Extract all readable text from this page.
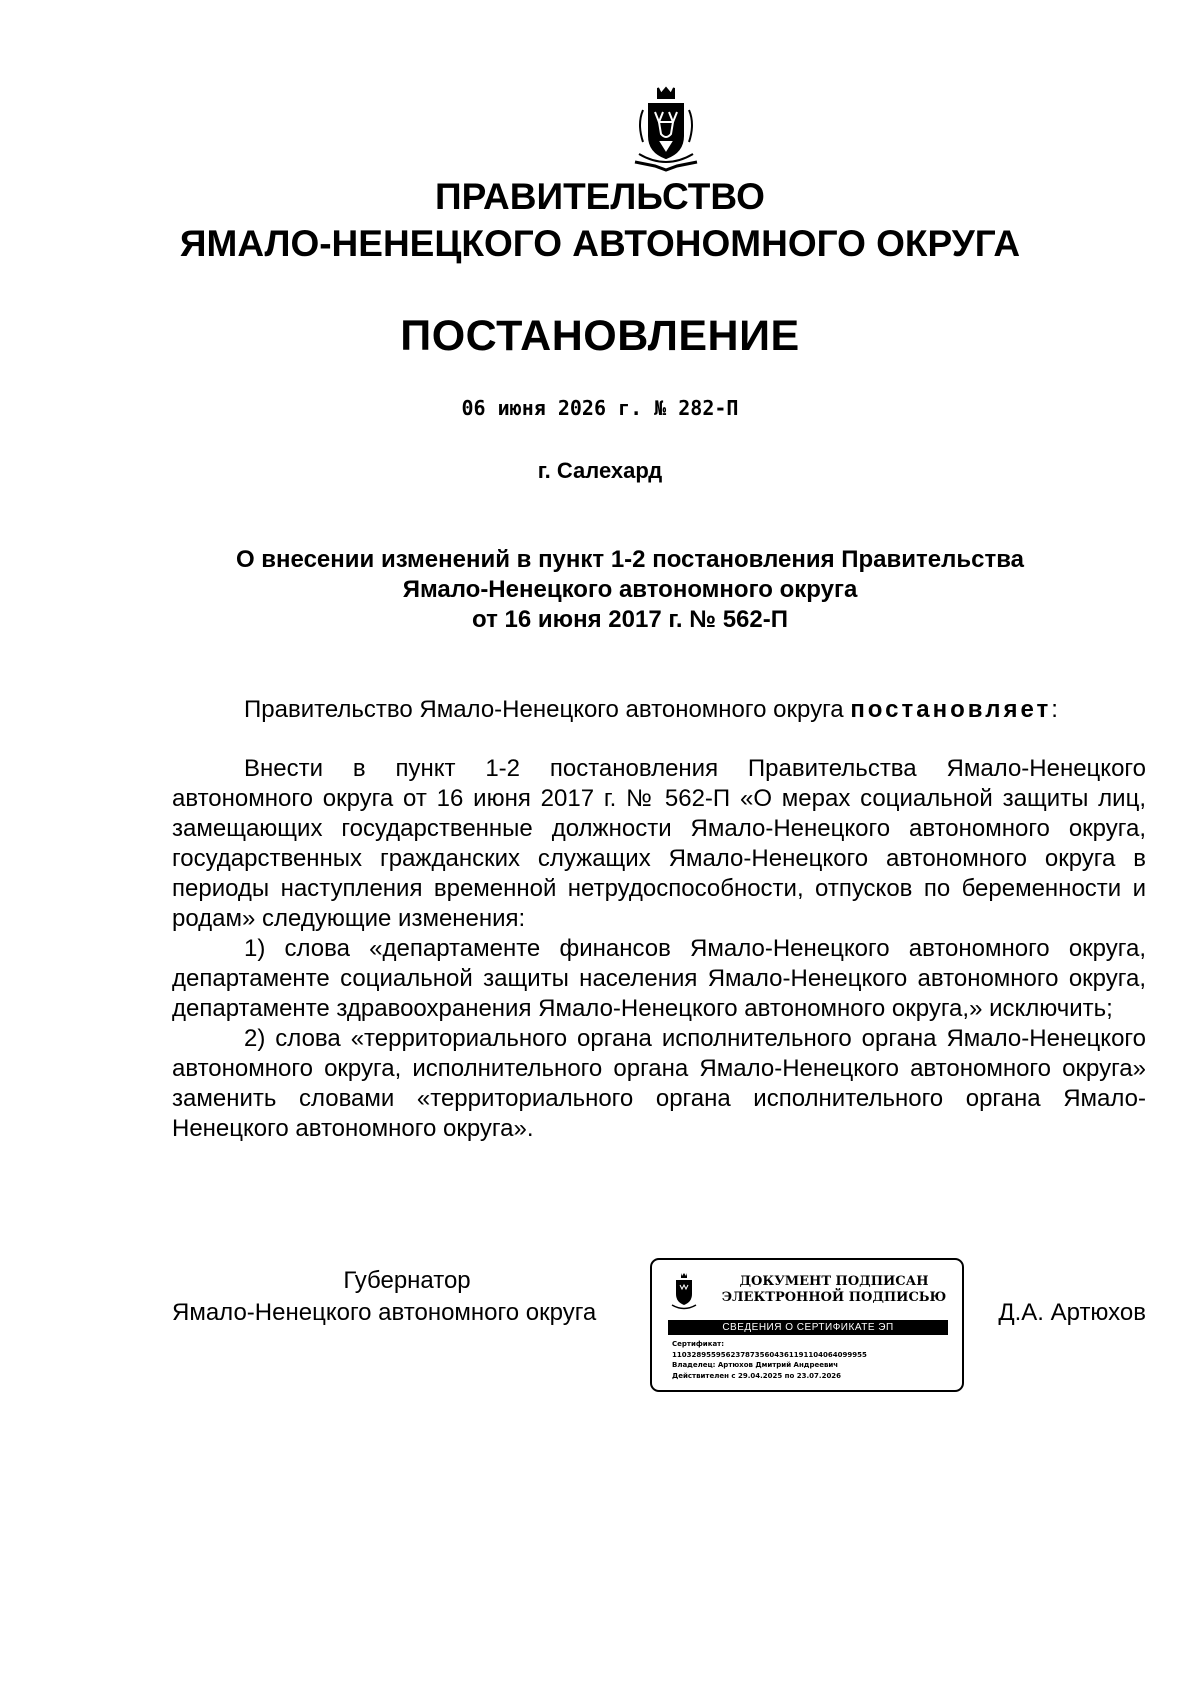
ПРАВИТЕЛЬСТВО
ЯМАЛО-НЕНЕЦКОГО АВТОНОМНОГО ОКРУГА
ПОСТАНОВЛЕНИЕ
06 июня 2026 г. № 282-П
г. Салехард
О внесении изменений в пункт 1-2 постановления Правительства
Ямало-Ненецкого автономного округа
от 16 июня 2017 г. № 562-П
Правительство Ямало-Ненецкого автономного округа постановляет:

Внести в пункт 1-2 постановления Правительства Ямало-Ненецкого автономного округа от 16 июня 2017 г. № 562-П «О мерах социальной защиты лиц, замещающих государственные должности Ямало-Ненецкого автономного округа, государственных гражданских служащих Ямало-Ненецкого автономного округа в периоды наступления временной нетрудоспособности, отпусков по беременности и родам» следующие изменения:

1) слова «департаменте финансов Ямало-Ненецкого автономного округа, департаменте социальной защиты населения Ямало-Ненецкого автономного округа, департаменте здравоохранения Ямало-Ненецкого автономного округа,» исключить;

2) слова «территориального органа исполнительного органа Ямало-Ненецкого автономного округа, исполнительного органа Ямало-Ненецкого автономного округа» заменить словами «территориального органа исполнительного органа Ямало-Ненецкого автономного округа».

Губернатор
Ямало-Ненецкого автономного округа
ДОКУМЕНТ ПОДПИСАН
ЭЛЕКТРОННОЙ ПОДПИСЬЮ
СВЕДЕНИЯ О СЕРТИФИКАТЕ ЭП
Сертификат:
1103289559562378735604361191104064099955
Владелец: Артюхов Дмитрий Андреевич
Действителен с 29.04.2025 по 23.07.2026
Д.А. Артюхов
